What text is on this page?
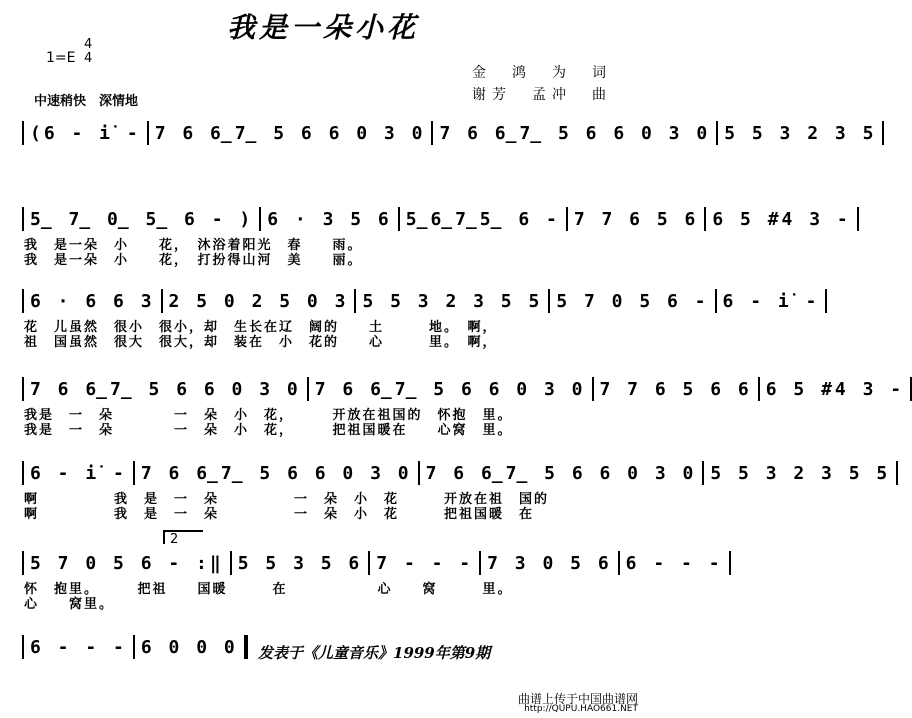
我是一朵小花
1=E
4
4
中速稍快　深情地
金　鸿　为　词
谢芳　孟冲　曲
(6 - i̇ - 7 6 6̲7̲ 5 6 6 0 3 0 7 6 6̲7̲ 5 6 6 0 3 0 5 5 3 2 3 5
5̲ 7̲ 0̲ 5̲ 6 - ) 6 · 3 5 6 5̲6̲7̲5̲ 6 - 7 7 6 5 6 6 5 #4 3 -
我　是一朵　小　　花，　沐浴着阳光　春　　雨。
我　是一朵　小　　花，　打扮得山河　美　　丽。
6 · 6 6 3 2 5 0 2 5 0 3 5 5 3 2 3 5 5 5 7 0 5 6 - 6 - i̇ -
花　儿虽然　很小　很小，却　生长在辽　阔的　　土　　　地。　啊，
祖　国虽然　很大　很大，却　装在　小　花的　　心　　　里。　啊，
7 6 6̲7̲ 5 6 6 0 3 0 7 6 6̲7̲ 5 6 6 0 3 0 7 7 6 5 6 6 6 5 #4 3 -
我是　一　朵　　　　一　朵　小　花，　　　开放在祖国的　怀抱　里。
我是　一　朵　　　　一　朵　小　花，　　　把祖国暖在　　心窝　里。
6 - i̇ - 7 6 6̲7̲ 5 6 6 0 3 0 7 6 6̲7̲ 5 6 6 0 3 0 5 5 3 2 3 5 5
啊　　　　　我　是　一　朵　　　　　一　朵　小　花　　　开放在祖　国的
啊　　　　　我　是　一　朵　　　　　一　朵　小　花　　　把祖国暖　在
5 7 0 5 6 - :‖ 5 5 3 5 6 7 - - - 7 3 0 5 6 6 - - -
怀　抱里。　　　把祖　　国暖　　　在　　　　　　心　　窝　　　里。
心　　窝里。
6 - - - 6 0 0 0
2
发表于《儿童音乐》1999年第9期
曲谱上传于中国曲谱网
http://QUPU.HAO661.NET
